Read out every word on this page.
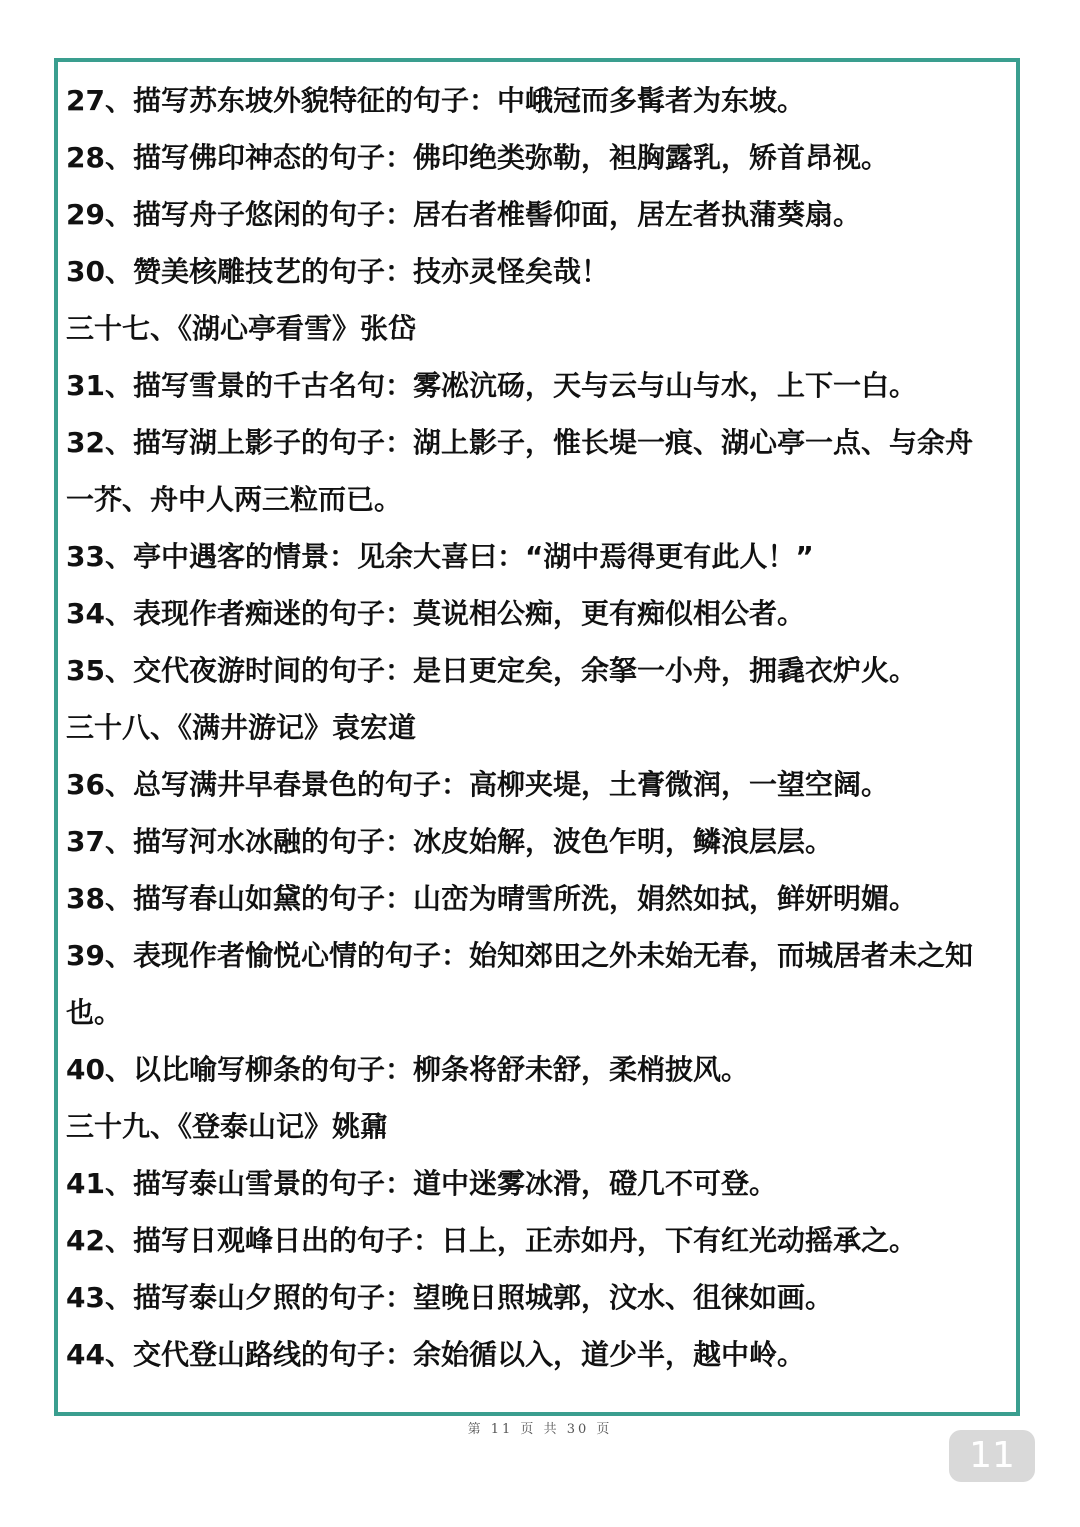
27、描写苏东坡外貌特征的句子：中峨冠而多髯者为东坡。
28、描写佛印神态的句子：佛印绝类弥勒，袒胸露乳，矫首昂视。
29、描写舟子悠闲的句子：居右者椎髻仰面，居左者执蒲葵扇。
30、赞美核雕技艺的句子：技亦灵怪矣哉！
三十七、《湖心亭看雪》张岱
31、描写雪景的千古名句：雾凇沆砀，天与云与山与水，上下一白。
32、描写湖上影子的句子：湖上影子，惟长堤一痕、湖心亭一点、与余舟
一芥、舟中人两三粒而已。
33、亭中遇客的情景：见余大喜曰：“湖中焉得更有此人！”
34、表现作者痴迷的句子：莫说相公痴，更有痴似相公者。
35、交代夜游时间的句子：是日更定矣，余拏一小舟，拥毳衣炉火。
三十八、《满井游记》袁宏道
36、总写满井早春景色的句子：高柳夹堤，土膏微润，一望空阔。
37、描写河水冰融的句子：冰皮始解，波色乍明，鳞浪层层。
38、描写春山如黛的句子：山峦为晴雪所洗，娟然如拭，鲜妍明媚。
39、表现作者愉悦心情的句子：始知郊田之外未始无春，而城居者未之知
也。
40、以比喻写柳条的句子：柳条将舒未舒，柔梢披风。
三十九、《登泰山记》姚鼐
41、描写泰山雪景的句子：道中迷雾冰滑，磴几不可登。
42、描写日观峰日出的句子：日上，正赤如丹，下有红光动摇承之。
43、描写泰山夕照的句子：望晚日照城郭，汶水、徂徕如画。
44、交代登山路线的句子：余始循以入，道少半，越中岭。
第 11 页 共 30 页
11
